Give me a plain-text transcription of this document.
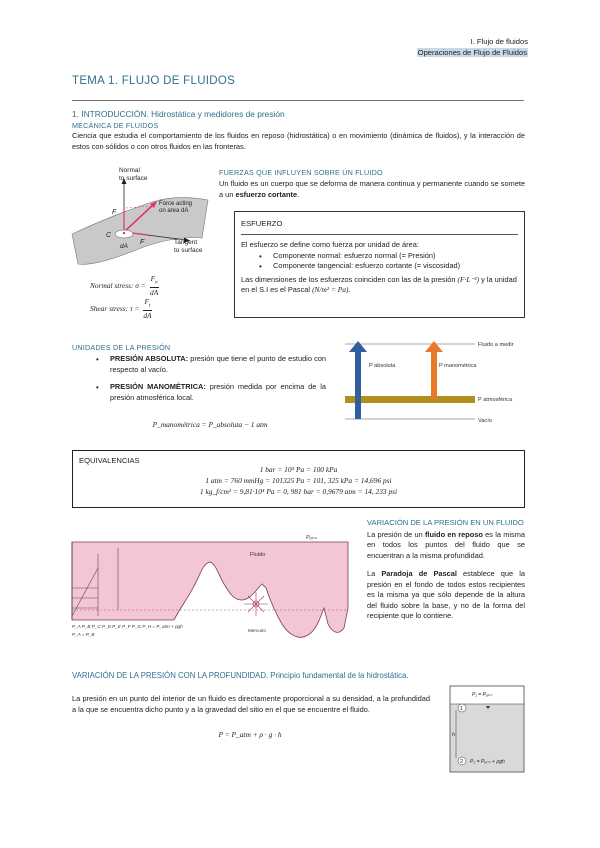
I. Flujo de fluidos
Operaciones de Flujo de Fluidos
TEMA 1. FLUJO DE FLUIDOS
1. INTRODUCCIÓN. Hidrostática y medidores de presión
MECÁNICA DE FLUIDOS
Ciencia que estudia el comportamiento de los fluidos en reposo (hidrostática) o en movimiento (dinámica de fluidos), y la interacción de estos con sólidos o con otros fluidos en las fronteras.
Normal
to surface
Force acting
on area dA
Tangent
to surface
F
F
C
dA
Normal stress: $\sigma = \frac{F_n}{dA}$
Shear stress: $\tau = \frac{F_t}{dA}$
FUERZAS QUE INFLUYEN SOBRE UN FLUIDO
Un fluido es un cuerpo que se deforma de manera continua y permanente cuando se somete a un esfuerzo cortante.
ESFUERZO
El esfuerzo se define como fuerza por unidad de área:
• Componente normal: esfuerzo normal (= Presión)
• Componente tangencial: esfuerzo cortante (= viscosidad)
Las dimensiones de los esfuerzos coinciden con las de la presión (F·L⁻²) y la unidad en el S.I es el Pascal (N/m² = Pa).
UNIDADES DE LA PRESIÓN
• PRESIÓN ABSOLUTA: presión que tiene el punto de estudio con respecto al vacío.
• PRESIÓN MANOMÉTRICA: presión medida por encima de la presión atmosférica local.
P_manométrica = P_absoluta − 1 atm
Fluido a medir
P absoluta	P manométrica
P atmosférica
Vacío
EQUIVALENCIAS
1 bar = 10⁵ Pa = 100 kPa
1 atm = 760 mmHg = 101325 Pa = 101, 325 kPa = 14,696 psi
1 kg_f/cm² = 9,81·10⁴ Pa = 0, 981 bar = 0,9679 atm = 14, 233 psi
Pₐₜₘ
Fluido
Mercurio
P_A P_B P_C P_D P_E P_F P_G P_H = P_atm + ρgh
P_A = P_B
VARIACIÓN DE LA PRESIÓN EN UN FLUIDO
La presión de un fluido en reposo es la misma en todos los puntos del fluido que se encuentran a la misma profundidad.
La Paradoja de Pascal establece que la presión en el fondo de todos estos recipientes es la misma ya que sólo depende de la altura del fluido sobre la base, y no de la forma del recipiente que lo contiene.
VARIACIÓN DE LA PRESIÓN CON LA PROFUNDIDAD. Principio fundamental de la hidrostática.
La presión en un punto del interior de un fluido es directamente proporcional a su densidad, a la profundidad a la que se encuentra dicho punto y a la gravedad del sitio en el que se encuentre el fluido.
P = P_atm + ρ · g · h
1
2
P₁ = Pₐₜₘ
P₂ = Pₐₜₘ + ρgh
h
